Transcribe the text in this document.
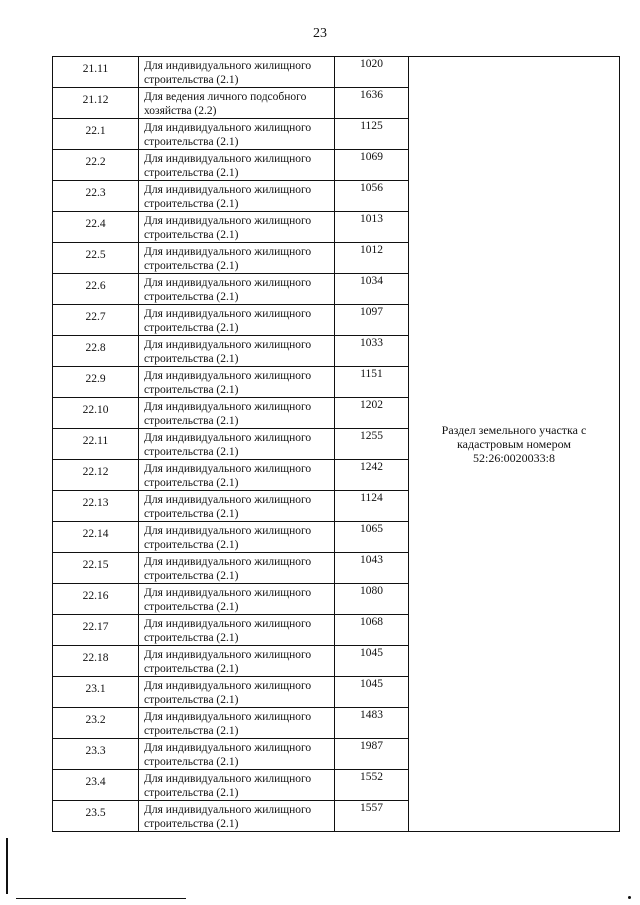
23
21.11	Для индивидуального жилищного строительства (2.1)	1020	Раздел земельного участка с
кадастровым номером
52:26:0020033:8

21.12	Для ведения личного подсобного хозяйства (2.2)	1636	
22.1	Для индивидуального жилищного строительства (2.1)	1125	
22.2	Для индивидуального жилищного строительства (2.1)	1069	
22.3	Для индивидуального жилищного строительства (2.1)	1056	
22.4	Для индивидуального жилищного строительства (2.1)	1013	
22.5	Для индивидуального жилищного строительства (2.1)	1012	
22.6	Для индивидуального жилищного строительства (2.1)	1034	
22.7	Для индивидуального жилищного строительства (2.1)	1097	
22.8	Для индивидуального жилищного строительства (2.1)	1033	
22.9	Для индивидуального жилищного строительства (2.1)	1151	
22.10	Для индивидуального жилищного строительства (2.1)	1202	
22.11	Для индивидуального жилищного строительства (2.1)	1255	
22.12	Для индивидуального жилищного строительства (2.1)	1242	
22.13	Для индивидуального жилищного строительства (2.1)	1124	
22.14	Для индивидуального жилищного строительства (2.1)	1065	
22.15	Для индивидуального жилищного строительства (2.1)	1043	
22.16	Для индивидуального жилищного строительства (2.1)	1080	
22.17	Для индивидуального жилищного строительства (2.1)	1068	
22.18	Для индивидуального жилищного строительства (2.1)	1045	
23.1	Для индивидуального жилищного строительства (2.1)	1045	
23.2	Для индивидуального жилищного строительства (2.1)	1483	
23.3	Для индивидуального жилищного строительства (2.1)	1987	
23.4	Для индивидуального жилищного строительства (2.1)	1552	
23.5	Для индивидуального жилищного строительства (2.1)	1557	
